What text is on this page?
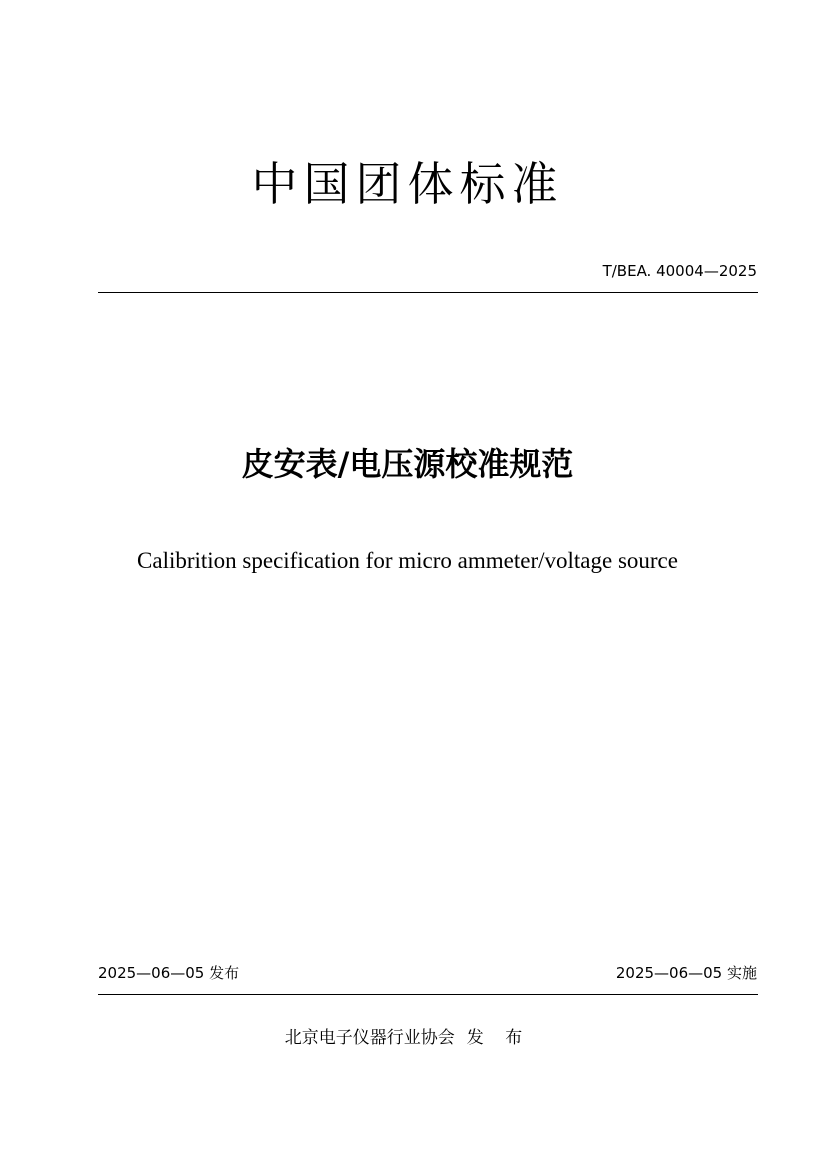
中国团体标准
T/BEA. 40004—2025
皮安表/电压源校准规范
Calibrition specification for micro ammeter/voltage source
2025—06—05 发布	2025—06—05 实施
北京电子仪器行业协会 发 布
